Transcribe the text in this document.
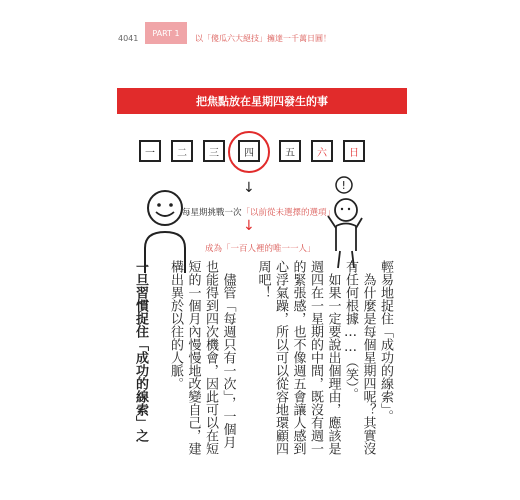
4041
PART 1
以「傻瓜六大絕技」擁達一千萬日圓！
把焦點放在星期四發生的事
一	二	三	四	五	六	日
↓
每星期挑戰一次「以前從未選擇的選項」
↓
成為「一百人裡的唯一一人」
!
輕易地捉住「成功的線索」。
　為什麼是每個星期四呢？其實沒
有任何根據……（笑）。
　如果一定要說出個理由，應該是
週四在一星期的中間，既沒有週一
的緊張感，也不像週五會讓人感到
心浮氣躁，所以可以從容地環顧四
周吧！
　儘管「每週只有一次」，一個月
也能得到四次機會，因此可以在短
短的一個月內慢慢地改變自己，建
構出異於以往的人脈。
一旦習慣捉住「成功的線索」之
